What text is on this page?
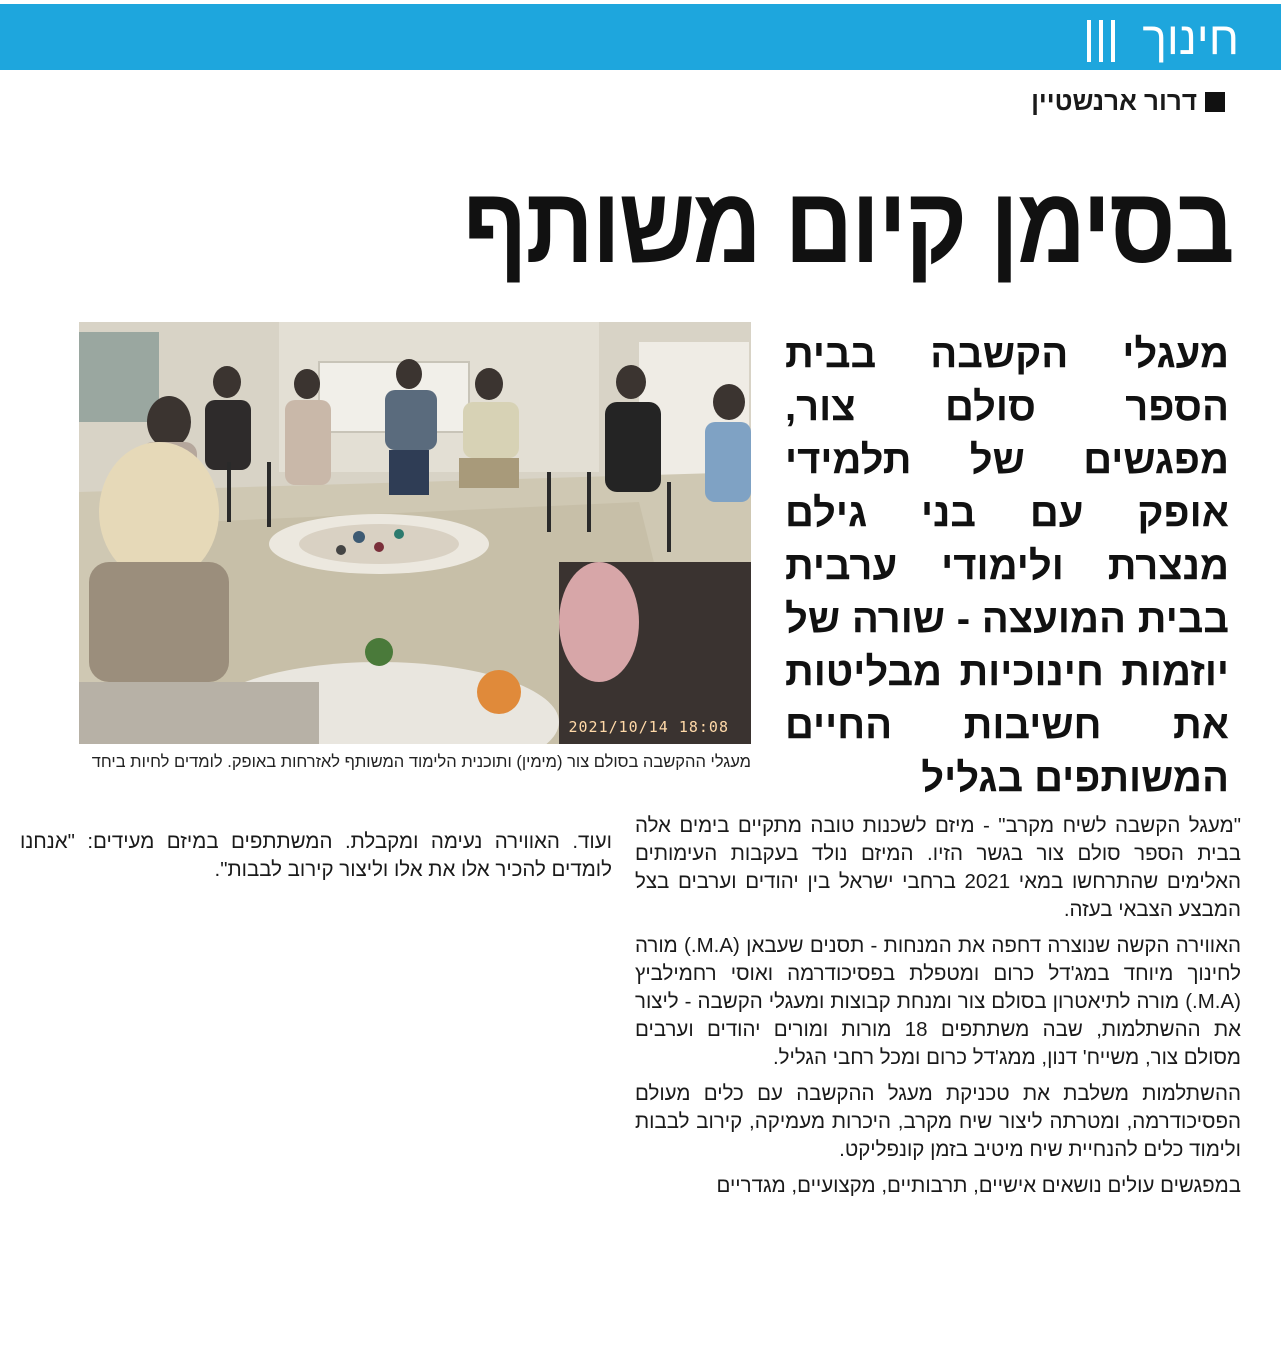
חינוך
דרור ארנשטיין
בסימן קיום משותף

מעגלי הקשבה בבית הספר סולם צור, מפגשים של תלמידי אופק עם בני גילם מנצרת ולימודי ערבית בבית המועצה - שורה של יוזמות חינוכיות מבליטות את חשיבות החיים המשותפים בגליל

2021/10/14 18:08
מעגלי ההקשבה בסולם צור (מימין) ותוכנית הלימוד המשותף לאזרחות באופק. לומדים לחיות ביחד

"מעגל הקשבה לשיח מקרב" - מיזם לשכנות טובה מתקיים בימים אלה בבית הספר סולם צור בגשר הזיו. המיזם נולד בעקבות העימותים האלימים שהתרחשו במאי 2021 ברחבי ישראל בין יהודים וערבים בצל המבצע הצבאי בעזה.

האווירה הקשה שנוצרה דחפה את המנחות - תסנים שעבאן (M.A.) מורה לחינוך מיוחד במג'דל כרום ומטפלת בפסיכודרמה ואוסי רחמילביץ (M.A.) מורה לתיאטרון בסולם צור ומנחת קבוצות ומעגלי הקשבה - ליצור את ההשתלמות, שבה משתתפים 18 מורות ומורים יהודים וערבים מסולם צור, משייח' דנון, ממג'דל כרום ומכל רחבי הגליל.

ההשתלמות משלבת את טכניקת מעגל ההקשבה עם כלים מעולם הפסיכודרמה, ומטרתה ליצור שיח מקרב, היכרות מעמיקה, קירוב לבבות ולימוד כלים להנחיית שיח מיטיב בזמן קונפליקט.

במפגשים עולים נושאים אישיים, תרבותיים, מקצועיים, מגדריים

ועוד. האווירה נעימה ומקבלת. המשתתפים במיזם מעידים: "אנחנו לומדים להכיר אלו את אלו וליצור קירוב לבבות".
